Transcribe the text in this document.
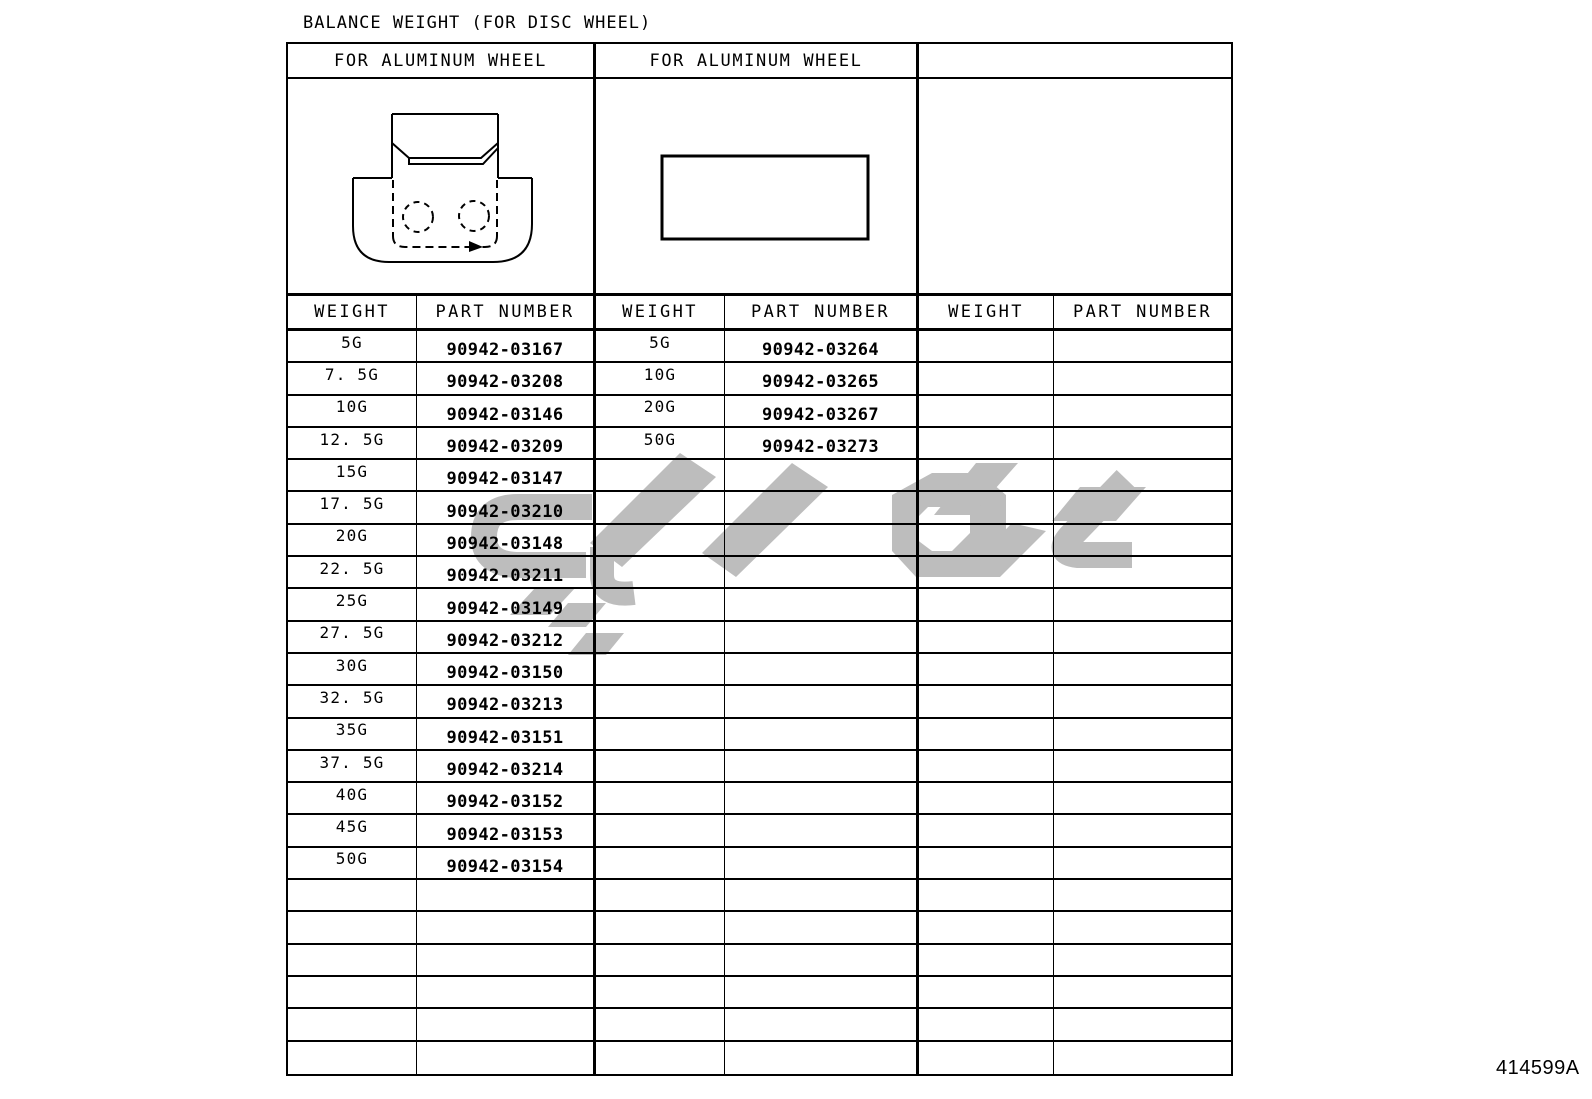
BALANCE WEIGHT (FOR DISC WHEEL)
FOR ALUMINUM WHEEL	FOR ALUMINUM WHEEL
WEIGHT	PART NUMBER	WEIGHT	PART NUMBER	WEIGHT	PART NUMBER
5G	90942-03167	5G	90942-03264
7. 5G	90942-03208	10G	90942-03265
10G	90942-03146	20G	90942-03267
12. 5G	90942-03209	50G	90942-03273
15G	90942-03147
17. 5G	90942-03210
20G	90942-03148
22. 5G	90942-03211
25G	90942-03149
27. 5G	90942-03212
30G	90942-03150
32. 5G	90942-03213
35G	90942-03151
37. 5G	90942-03214
40G	90942-03152
45G	90942-03153
50G	90942-03154
414599A
